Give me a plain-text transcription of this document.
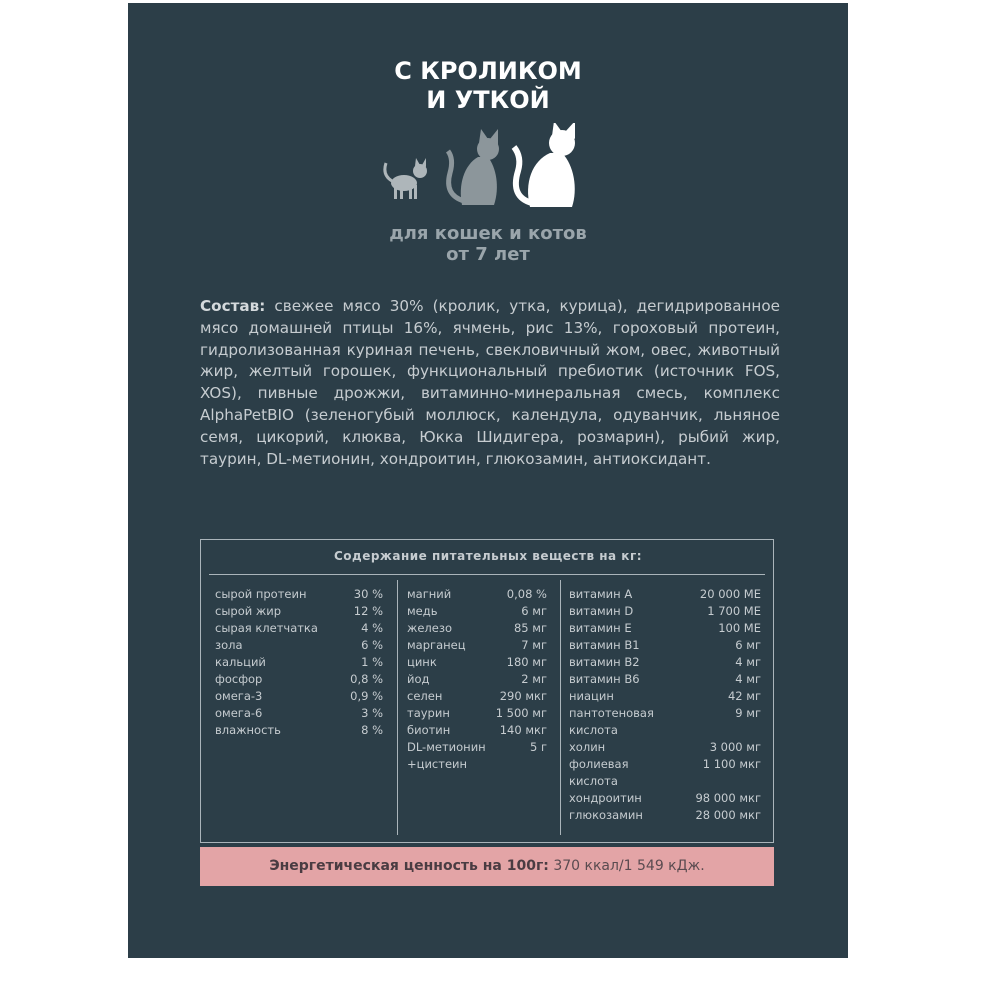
С КРОЛИКОМ
И УТКОЙ
для кошек и котов
от 7 лет
Состав: свежее мясо 30% (кролик, утка, курица), дегидрированное мясо домашней птицы 16%, ячмень, рис 13%, гороховый протеин, гидролизованная куриная печень, свекловичный жом, овес, животный жир, желтый горошек, функциональный пребиотик (источник FOS, XOS), пивные дрожжи, витаминно-минеральная смесь, комплекс AlphaPetBIO (зеленогубый моллюск, календула, одуванчик, льняное семя, цикорий, клюква, Юкка Шидигера, розмарин), рыбий жир, таурин, DL-метионин, хондроитин, глюкозамин, антиоксидант.
Содержание питательных веществ на кг:
сырой протеин	30 %
сырой жир	12 %
сырая клетчатка	4 %
зола	6 %
кальций	1 %
фосфор	0,8 %
омега-3	0,9 %
омега-6	3 %
влажность	8 %
магний	0,08 %
медь	6 мг
железо	85 мг
марганец	7 мг
цинк	180 мг
йод	2 мг
селен	290 мкг
таурин	1 500 мг
биотин	140 мкг
DL-метионин	5 г
+цистеин
витамин А	20 000 МЕ
витамин D	1 700 МЕ
витамин Е	100 МЕ
витамин В1	6 мг
витамин В2	4 мг
витамин В6	4 мг
ниацин	42 мг
пантотеновая	9 мг
кислота
холин	3 000 мг
фолиевая	1 100 мкг
кислота
хондроитин	98 000 мкг
глюкозамин	28 000 мкг
Энергетическая ценность на 100г: 370 ккал/1 549 кДж.
